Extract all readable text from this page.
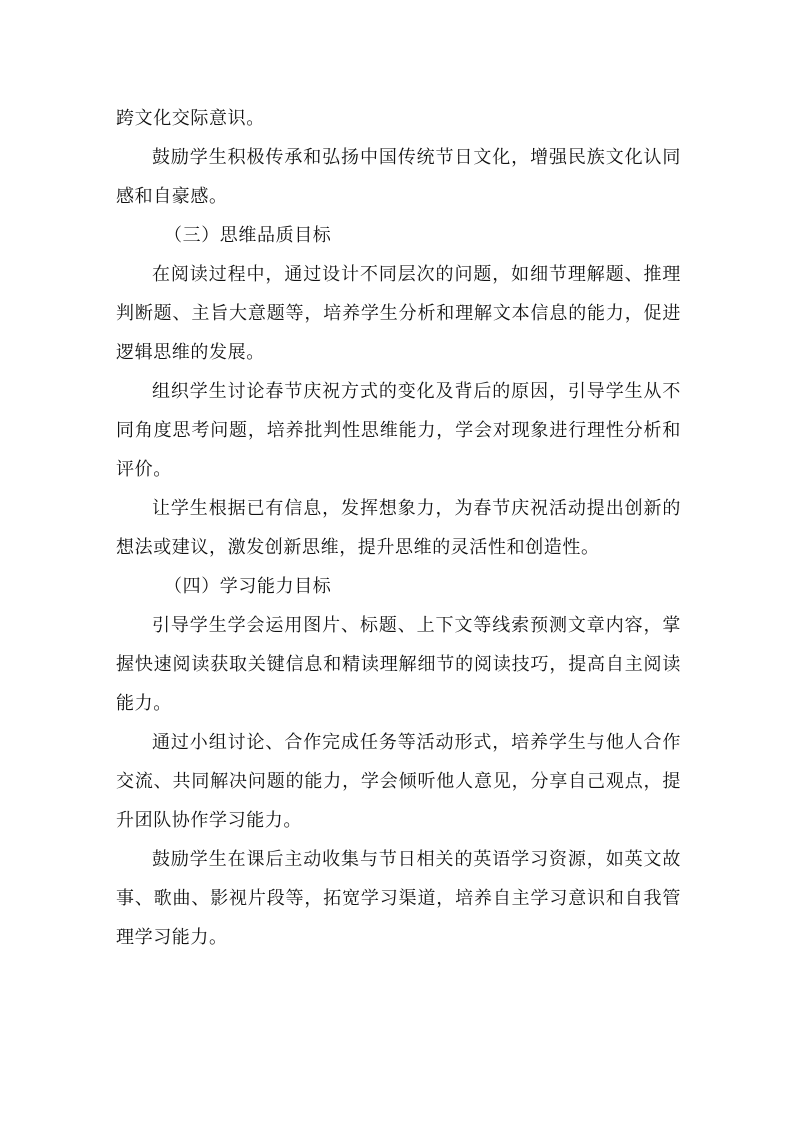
跨文化交际意识。

鼓励学生积极传承和弘扬中国传统节日文化，增强民族文化认同感和自豪感。

（三）思维品质目标

在阅读过程中，通过设计不同层次的问题，如细节理解题、推理判断题、主旨大意题等，培养学生分析和理解文本信息的能力，促进逻辑思维的发展。

组织学生讨论春节庆祝方式的变化及背后的原因，引导学生从不同角度思考问题，培养批判性思维能力，学会对现象进行理性分析和评价。

让学生根据已有信息，发挥想象力，为春节庆祝活动提出创新的想法或建议，激发创新思维，提升思维的灵活性和创造性。

（四）学习能力目标

引导学生学会运用图片、标题、上下文等线索预测文章内容，掌握快速阅读获取关键信息和精读理解细节的阅读技巧，提高自主阅读能力。

通过小组讨论、合作完成任务等活动形式，培养学生与他人合作交流、共同解决问题的能力，学会倾听他人意见，分享自己观点，提升团队协作学习能力。

鼓励学生在课后主动收集与节日相关的英语学习资源，如英文故事、歌曲、影视片段等，拓宽学习渠道，培养自主学习意识和自我管理学习能力。
